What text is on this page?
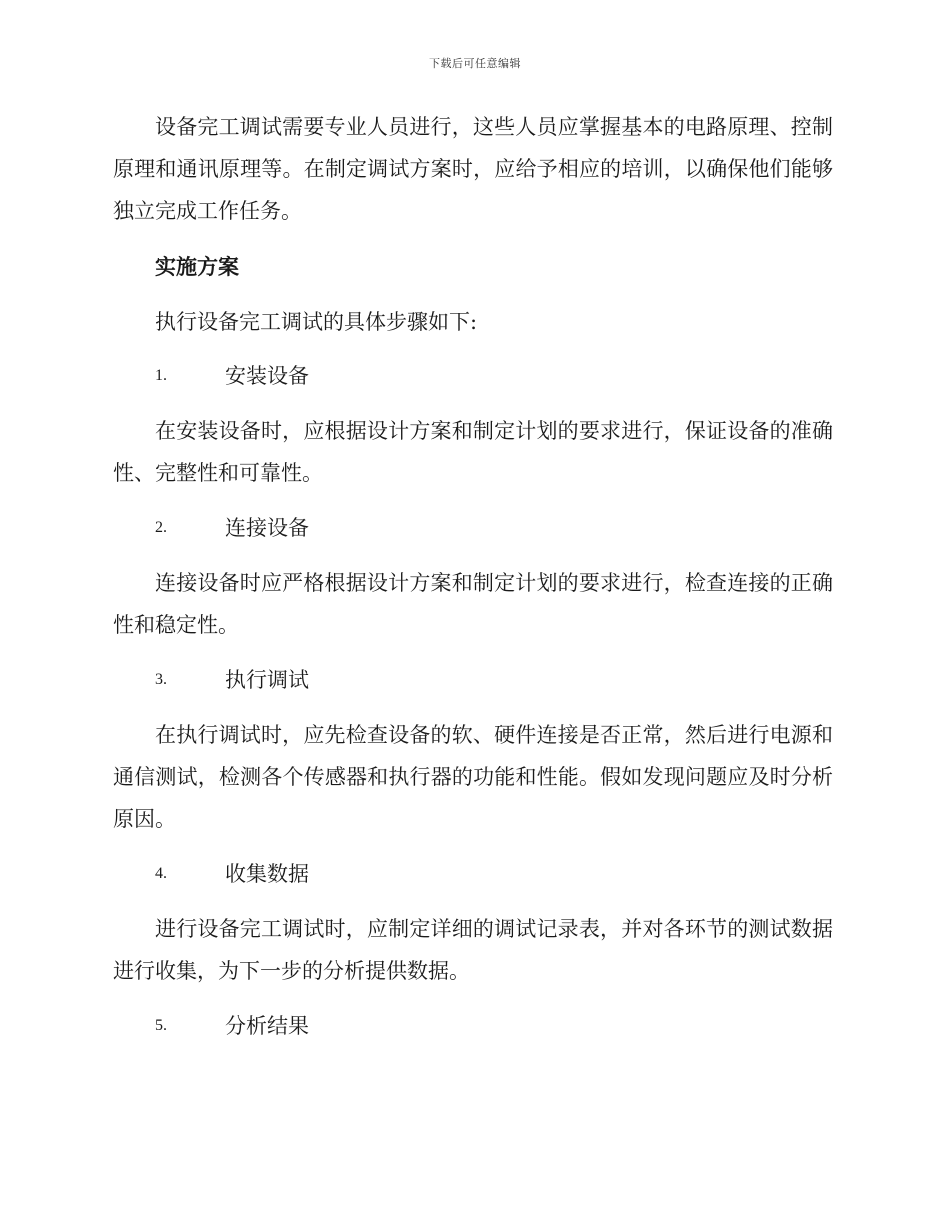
下载后可任意编辑

设备完工调试需要专业人员进行，这些人员应掌握基本的电路原理、控制原理和通讯原理等。在制定调试方案时，应给予相应的培训，以确保他们能够独立完成工作任务。

实施方案

执行设备完工调试的具体步骤如下:

1.	安装设备

在安装设备时，应根据设计方案和制定计划的要求进行，保证设备的准确性、完整性和可靠性。

2.	连接设备

连接设备时应严格根据设计方案和制定计划的要求进行，检查连接的正确性和稳定性。

3.	执行调试

在执行调试时，应先检查设备的软、硬件连接是否正常，然后进行电源和通信测试，检测各个传感器和执行器的功能和性能。假如发现问题应及时分析原因。

4.	收集数据

进行设备完工调试时，应制定详细的调试记录表，并对各环节的测试数据进行收集，为下一步的分析提供数据。

5.	分析结果
